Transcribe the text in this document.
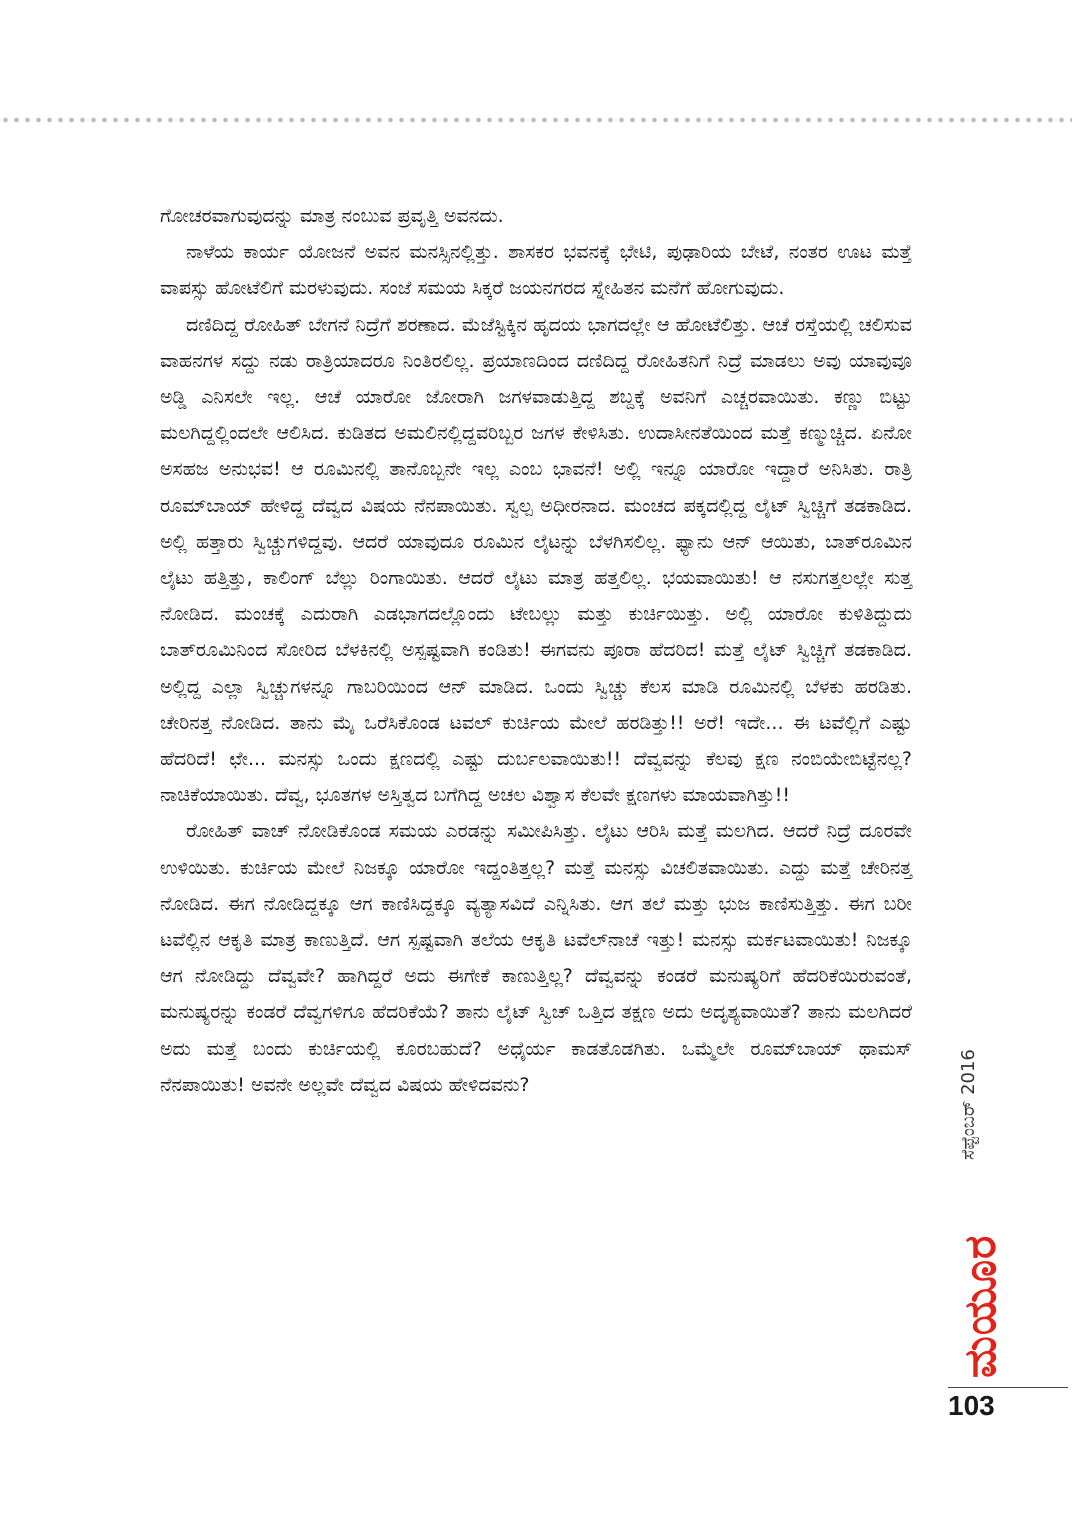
ಗೋಚರವಾಗುವುದನ್ನು ಮಾತ್ರ ನಂಬುವ ಪ್ರವೃತ್ತಿ ಅವನದು.

ನಾಳೆಯ ಕಾರ್ಯ ಯೋಜನೆ ಅವನ ಮನಸ್ಸಿನಲ್ಲಿತ್ತು. ಶಾಸಕರ ಭವನಕ್ಕೆ ಭೇಟಿ, ಪುಢಾರಿಯ ಬೇಟೆ, ನಂತರ ಊಟ ಮತ್ತೆ ವಾಪಸ್ಸು ಹೋಟೆಲಿಗೆ ಮರಳುವುದು. ಸಂಜೆ ಸಮಯ ಸಿಕ್ಕರೆ ಜಯನಗರದ ಸ್ನೇಹಿತನ ಮನೆಗೆ ಹೋಗುವುದು.

ದಣಿದಿದ್ದ ರೋಹಿತ್ ಬೇಗನೆ ನಿದ್ರೆಗೆ ಶರಣಾದ. ಮೆಜೆಸ್ಟಿಕ್ಕಿನ ಹೃದಯ ಭಾಗದಲ್ಲೇ ಆ ಹೋಟೆಲಿತ್ತು. ಆಚೆ ರಸ್ತೆಯಲ್ಲಿ ಚಲಿಸುವ ವಾಹನಗಳ ಸದ್ದು ನಡು ರಾತ್ರಿಯಾದರೂ ನಿಂತಿರಲಿಲ್ಲ. ಪ್ರಯಾಣದಿಂದ ದಣಿದಿದ್ದ ರೋಹಿತನಿಗೆ ನಿದ್ರೆ ಮಾಡಲು ಅವು ಯಾವುವೂ ಅಡ್ಡಿ ಎನಿಸಲೇ ಇಲ್ಲ. ಆಚೆ ಯಾರೋ ಜೋರಾಗಿ ಜಗಳವಾಡುತ್ತಿದ್ದ ಶಬ್ದಕ್ಕೆ ಅವನಿಗೆ ಎಚ್ಚರವಾಯಿತು. ಕಣ್ಣು ಬಿಟ್ಟು ಮಲಗಿದ್ದಲ್ಲಿಂದಲೇ ಆಲಿಸಿದ. ಕುಡಿತದ ಅಮಲಿನಲ್ಲಿದ್ದವರಿಬ್ಬರ ಜಗಳ ಕೇಳಿಸಿತು. ಉದಾಸೀನತೆಯಿಂದ ಮತ್ತೆ ಕಣ್ಮುಚ್ಚಿದ. ಏನೋ ಅಸಹಜ ಅನುಭವ! ಆ ರೂಮಿನಲ್ಲಿ ತಾನೊಬ್ಬನೇ ಇಲ್ಲ ಎಂಬ ಭಾವನೆ! ಅಲ್ಲಿ ಇನ್ನೂ ಯಾರೋ ಇದ್ದಾರೆ ಅನಿಸಿತು. ರಾತ್ರಿ ರೂಮ್‌ಬಾಯ್ ಹೇಳಿದ್ದ ದೆವ್ವದ ವಿಷಯ ನೆನಪಾಯಿತು. ಸ್ವಲ್ಪ ಅಧೀರನಾದ. ಮಂಚದ ಪಕ್ಕದಲ್ಲಿದ್ದ ಲೈಟ್ ಸ್ವಿಚ್ಚಿಗೆ ತಡಕಾಡಿದ. ಅಲ್ಲಿ ಹತ್ತಾರು ಸ್ವಿಚ್ಚುಗಳಿದ್ದವು. ಆದರೆ ಯಾವುದೂ ರೂಮಿನ ಲೈಟನ್ನು ಬೆಳಗಿಸಲಿಲ್ಲ. ಫ್ಯಾನು ಆನ್ ಆಯಿತು, ಬಾತ್‌ರೂಮಿನ ಲೈಟು ಹತ್ತಿತ್ತು, ಕಾಲಿಂಗ್ ಬೆಲ್ಲು ರಿಂಗಾಯಿತು. ಆದರೆ ಲೈಟು ಮಾತ್ರ ಹತ್ತಲಿಲ್ಲ. ಭಯವಾಯಿತು! ಆ ನಸುಗತ್ತಲಲ್ಲೇ ಸುತ್ತ ನೋಡಿದ. ಮಂಚಕ್ಕೆ ಎದುರಾಗಿ ಎಡಭಾಗದಲ್ಲೊಂದು ಟೇಬಲ್ಲು ಮತ್ತು ಕುರ್ಚಿಯಿತ್ತು. ಅಲ್ಲಿ ಯಾರೋ ಕುಳಿತಿದ್ದುದು ಬಾತ್‌ರೂಮಿನಿಂದ ಸೋರಿದ ಬೆಳಕಿನಲ್ಲಿ ಅಸ್ಪಷ್ಟವಾಗಿ ಕಂಡಿತು! ಈಗವನು ಪೂರಾ ಹೆದರಿದ! ಮತ್ತೆ ಲೈಟ್ ಸ್ವಿಚ್ಚಿಗೆ ತಡಕಾಡಿದ. ಅಲ್ಲಿದ್ದ ಎಲ್ಲಾ ಸ್ವಿಚ್ಚುಗಳನ್ನೂ ಗಾಬರಿಯಿಂದ ಆನ್ ಮಾಡಿದ. ಒಂದು ಸ್ವಿಚ್ಚು ಕೆಲಸ ಮಾಡಿ ರೂಮಿನಲ್ಲಿ ಬೆಳಕು ಹರಡಿತು. ಚೇರಿನತ್ತ ನೋಡಿದ. ತಾನು ಮೈ ಒರೆಸಿಕೊಂಡ ಟವಲ್ ಕುರ್ಚಿಯ ಮೇಲೆ ಹರಡಿತ್ತು!! ಅರೆ! ಇದೇ... ಈ ಟವೆಲ್ಲಿಗೆ ಎಷ್ಟು ಹೆದರಿದೆ! ಛೇ... ಮನಸ್ಸು ಒಂದು ಕ್ಷಣದಲ್ಲಿ ಎಷ್ಟು ದುರ್ಬಲವಾಯಿತು!! ದೆವ್ವವನ್ನು ಕೆಲವು ಕ್ಷಣ ನಂಬಿಯೇಬಿಟ್ಟೆನಲ್ಲ? ನಾಚಿಕೆಯಾಯಿತು. ದೆವ್ವ, ಭೂತಗಳ ಅಸ್ತಿತ್ವದ ಬಗೆಗಿದ್ದ ಅಚಲ ವಿಶ್ವಾಸ ಕೆಲವೇ ಕ್ಷಣಗಳು ಮಾಯವಾಗಿತ್ತು!!

ರೋಹಿತ್ ವಾಚ್ ನೋಡಿಕೊಂಡ ಸಮಯ ಎರಡನ್ನು ಸಮೀಪಿಸಿತ್ತು. ಲೈಟು ಆರಿಸಿ ಮತ್ತೆ ಮಲಗಿದ. ಆದರೆ ನಿದ್ರೆ ದೂರವೇ ಉಳಿಯಿತು. ಕುರ್ಚಿಯ ಮೇಲೆ ನಿಜಕ್ಕೂ ಯಾರೋ ಇದ್ದಂತಿತ್ತಲ್ಲ? ಮತ್ತೆ ಮನಸ್ಸು ವಿಚಲಿತವಾಯಿತು. ಎದ್ದು ಮತ್ತೆ ಚೇರಿನತ್ತ ನೋಡಿದ. ಈಗ ನೋಡಿದ್ದಕ್ಕೂ ಆಗ ಕಾಣಿಸಿದ್ದಕ್ಕೂ ವ್ಯತ್ಯಾಸವಿದೆ ಎನ್ನಿಸಿತು. ಆಗ ತಲೆ ಮತ್ತು ಭುಜ ಕಾಣಿಸುತ್ತಿತ್ತು. ಈಗ ಬರೀ ಟವೆಲ್ಲಿನ ಆಕೃತಿ ಮಾತ್ರ ಕಾಣುತ್ತಿದೆ. ಆಗ ಸ್ಪಷ್ಟವಾಗಿ ತಲೆಯ ಆಕೃತಿ ಟವೆಲ್‌ನಾಚೆ ಇತ್ತು! ಮನಸ್ಸು ಮರ್ಕಟವಾಯಿತು! ನಿಜಕ್ಕೂ ಆಗ ನೋಡಿದ್ದು ದೆವ್ವವೇ? ಹಾಗಿದ್ದರೆ ಅದು ಈಗೇಕೆ ಕಾಣುತ್ತಿಲ್ಲ? ದೆವ್ವವನ್ನು ಕಂಡರೆ ಮನುಷ್ಯರಿಗೆ ಹೆದರಿಕೆಯಿರುವಂತೆ, ಮನುಷ್ಯರನ್ನು ಕಂಡರೆ ದೆವ್ವಗಳಿಗೂ ಹೆದರಿಕೆಯೆ? ತಾನು ಲೈಟ್ ಸ್ವಿಚ್ ಒತ್ತಿದ ತಕ್ಷಣ ಅದು ಅದೃಶ್ಯವಾಯಿತೆ? ತಾನು ಮಲಗಿದರೆ ಅದು ಮತ್ತೆ ಬಂದು ಕುರ್ಚಿಯಲ್ಲಿ ಕೂರಬಹುದೆ? ಅಧೈರ್ಯ ಕಾಡತೊಡಗಿತು. ಒಮ್ಮೆಲೇ ರೂಮ್‌ಬಾಯ್ ಥಾಮಸ್ ನೆನಪಾಯಿತು! ಅವನೇ ಅಲ್ಲವೇ ದೆವ್ವದ ವಿಷಯ ಹೇಳಿದವನು?

ಮಯೂರ
ಸೆಪ್ಟೆಂಬರ್ 2016
103
